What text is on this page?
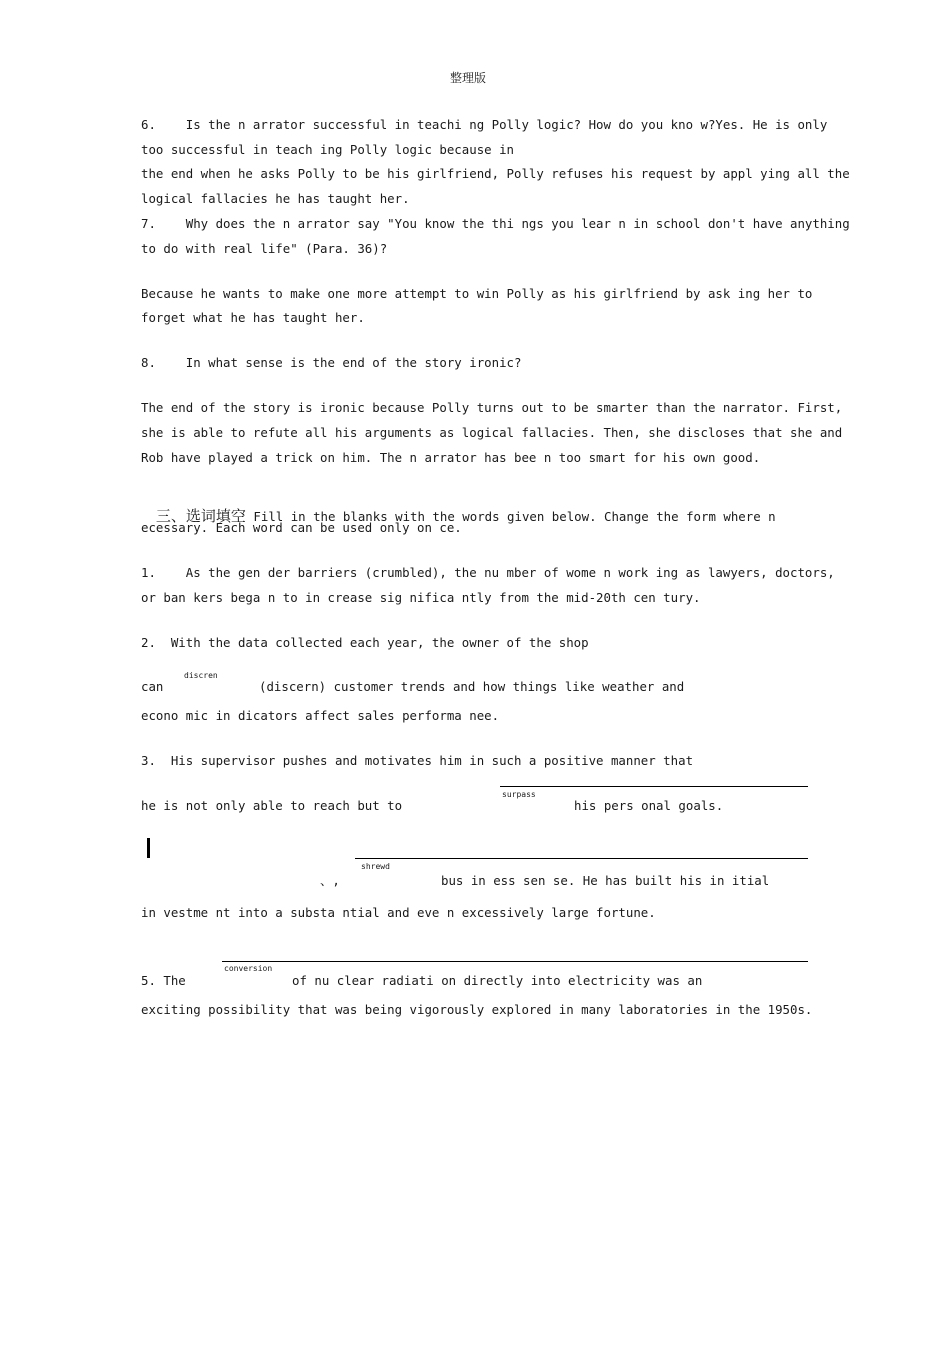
整理版
6.    Is the n arrator successful in teachi ng Polly logic? How do you kno w?Yes. He is only
too successful in teach ing Polly logic because in
the end when he asks Polly to be his girlfriend, Polly refuses his request by appl ying all the
logical fallacies he has taught her.
7.    Why does the n arrator say "You know the thi ngs you lear n in school don't have anything
to do with real life" (Para. 36)?
Because he wants to make one more attempt to win Polly as his girlfriend by ask ing her to
forget what he has taught her.
8.    In what sense is the end of the story ironic?
The end of the story is ironic because Polly turns out to be smarter than the narrator. First,
she is able to refute all his arguments as logical fallacies. Then, she discloses that she and
Rob have played a trick on him. The n arrator has bee n too smart for his own good.

三、选词填空 Fill in the blanks with the words given below. Change the form where n

ecessary. Each word can be used only on ce.
1.    As the gen der barriers (crumbled), the nu mber of wome n work ing as lawyers, doctors,
or ban kers bega n to in crease sig nifica ntly from the mid-20th cen tury.
2.  With the data collected each year, the owner of the shop
discren
can	(discern) customer trends and how things like weather and
econo mic in dicators affect sales performa nee.
3.  His supervisor pushes and motivates him in such a positive manner that
surpass
he is not only able to reach but to	his pers onal goals.
shrewd
、,	bus in ess sen se. He has built his in itial
in vestme nt into a substa ntial and eve n excessively large fortune.
conversion
5. The	of nu clear radiati on directly into electricity was an
exciting possibility that was being vigorously explored in many laboratories in the 1950s.
